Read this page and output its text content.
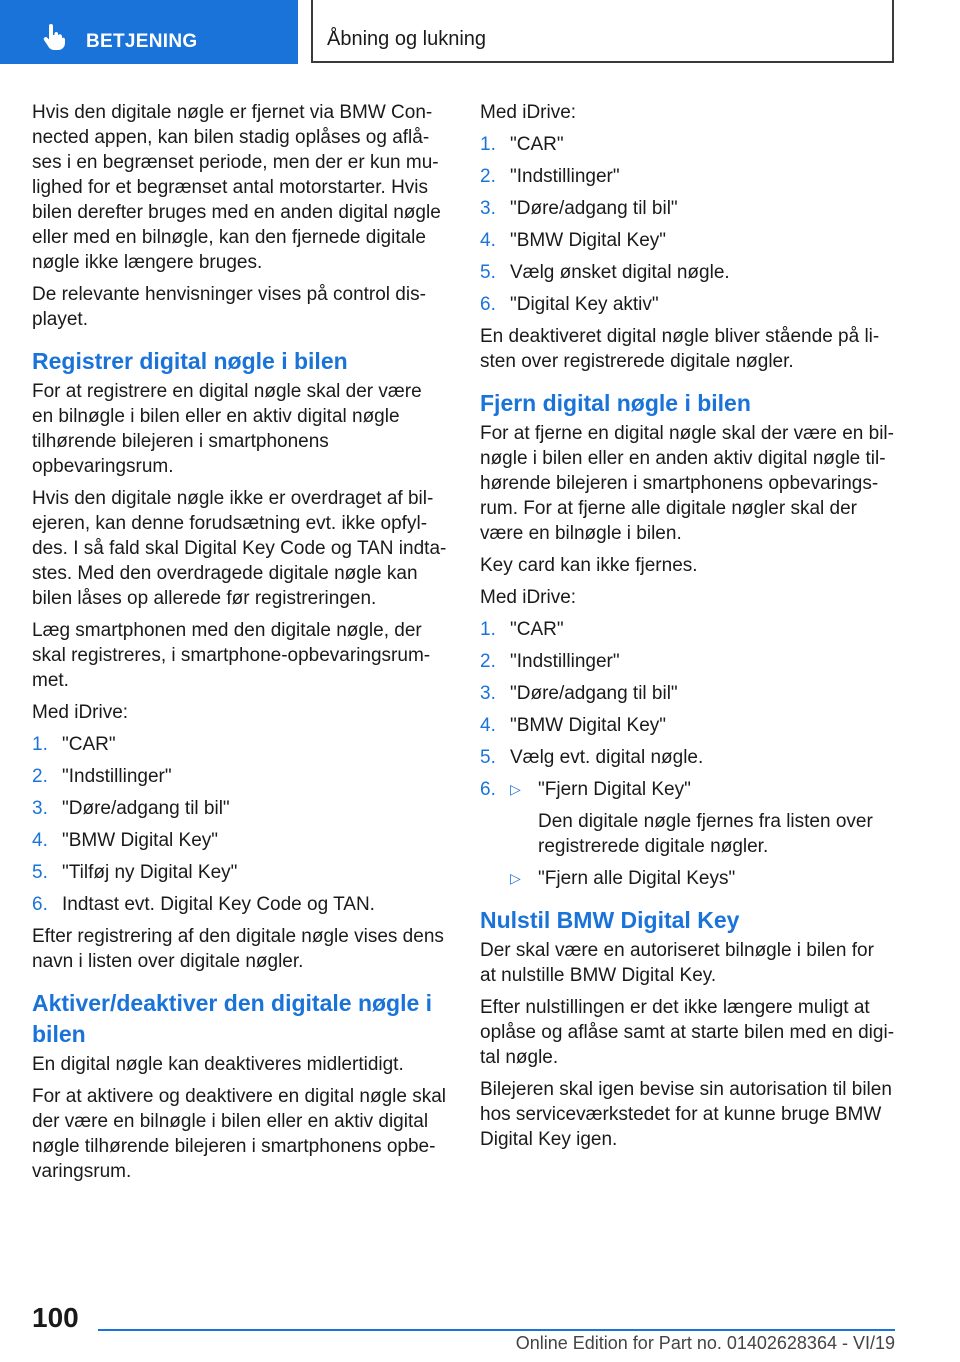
BETJENING	Åbning og lukning

Hvis den digitale nøgle er fjernet via BMW Connected appen, kan bilen stadig oplåses og aflåses i en begrænset periode, men der er kun mulighed for et begrænset antal motorstarter. Hvis bilen derefter bruges med en anden digital nøgle eller med en bilnøgle, kan den fjernede digitale nøgle ikke længere bruges.

De relevante henvisninger vises på control displayet.

Registrer digital nøgle i bilen

For at registrere en digital nøgle skal der være en bilnøgle i bilen eller en aktiv digital nøgle tilhørende bilejeren i smartphonens opbevaringsrum.

Hvis den digitale nøgle ikke er overdraget af bilejeren, kan denne forudsætning evt. ikke opfyldes. I så fald skal Digital Key Code og TAN indtastes. Med den overdragede digitale nøgle kan bilen låses op allerede før registreringen.

Læg smartphonen med den digitale nøgle, der skal registreres, i smartphone-opbevaringsrummet.

Med iDrive:

1. "CAR"
2. "Indstillinger"
3. "Døre/adgang til bil"
4. "BMW Digital Key"
5. "Tilføj ny Digital Key"
6. Indtast evt. Digital Key Code og TAN.

Efter registrering af den digitale nøgle vises dens navn i listen over digitale nøgler.

Aktiver/deaktiver den digitale nøgle i bilen

En digital nøgle kan deaktiveres midlertidigt.

For at aktivere og deaktivere en digital nøgle skal der være en bilnøgle i bilen eller en aktiv digital nøgle tilhørende bilejeren i smartphonens opbevaringsrum.

Med iDrive:

1. "CAR"
2. "Indstillinger"
3. "Døre/adgang til bil"
4. "BMW Digital Key"
5. Vælg ønsket digital nøgle.
6. "Digital Key aktiv"

En deaktiveret digital nøgle bliver stående på listen over registrerede digitale nøgler.

Fjern digital nøgle i bilen

For at fjerne en digital nøgle skal der være en bilnøgle i bilen eller en anden aktiv digital nøgle tilhørende bilejeren i smartphonens opbevaringsrum. For at fjerne alle digitale nøgler skal der være en bilnøgle i bilen.

Key card kan ikke fjernes.

Med iDrive:

1. "CAR"
2. "Indstillinger"
3. "Døre/adgang til bil"
4. "BMW Digital Key"
5. Vælg evt. digital nøgle.
6. ▷ "Fjern Digital Key"
Den digitale nøgle fjernes fra listen over registrerede digitale nøgler.
▷ "Fjern alle Digital Keys"
Nulstil BMW Digital Key

Der skal være en autoriseret bilnøgle i bilen for at nulstille BMW Digital Key.

Efter nulstillingen er det ikke længere muligt at oplåse og aflåse samt at starte bilen med en digital nøgle.

Bilejeren skal igen bevise sin autorisation til bilen hos serviceværkstedet for at kunne bruge BMW Digital Key igen.

100
Online Edition for Part no. 01402628364 - VI/19
